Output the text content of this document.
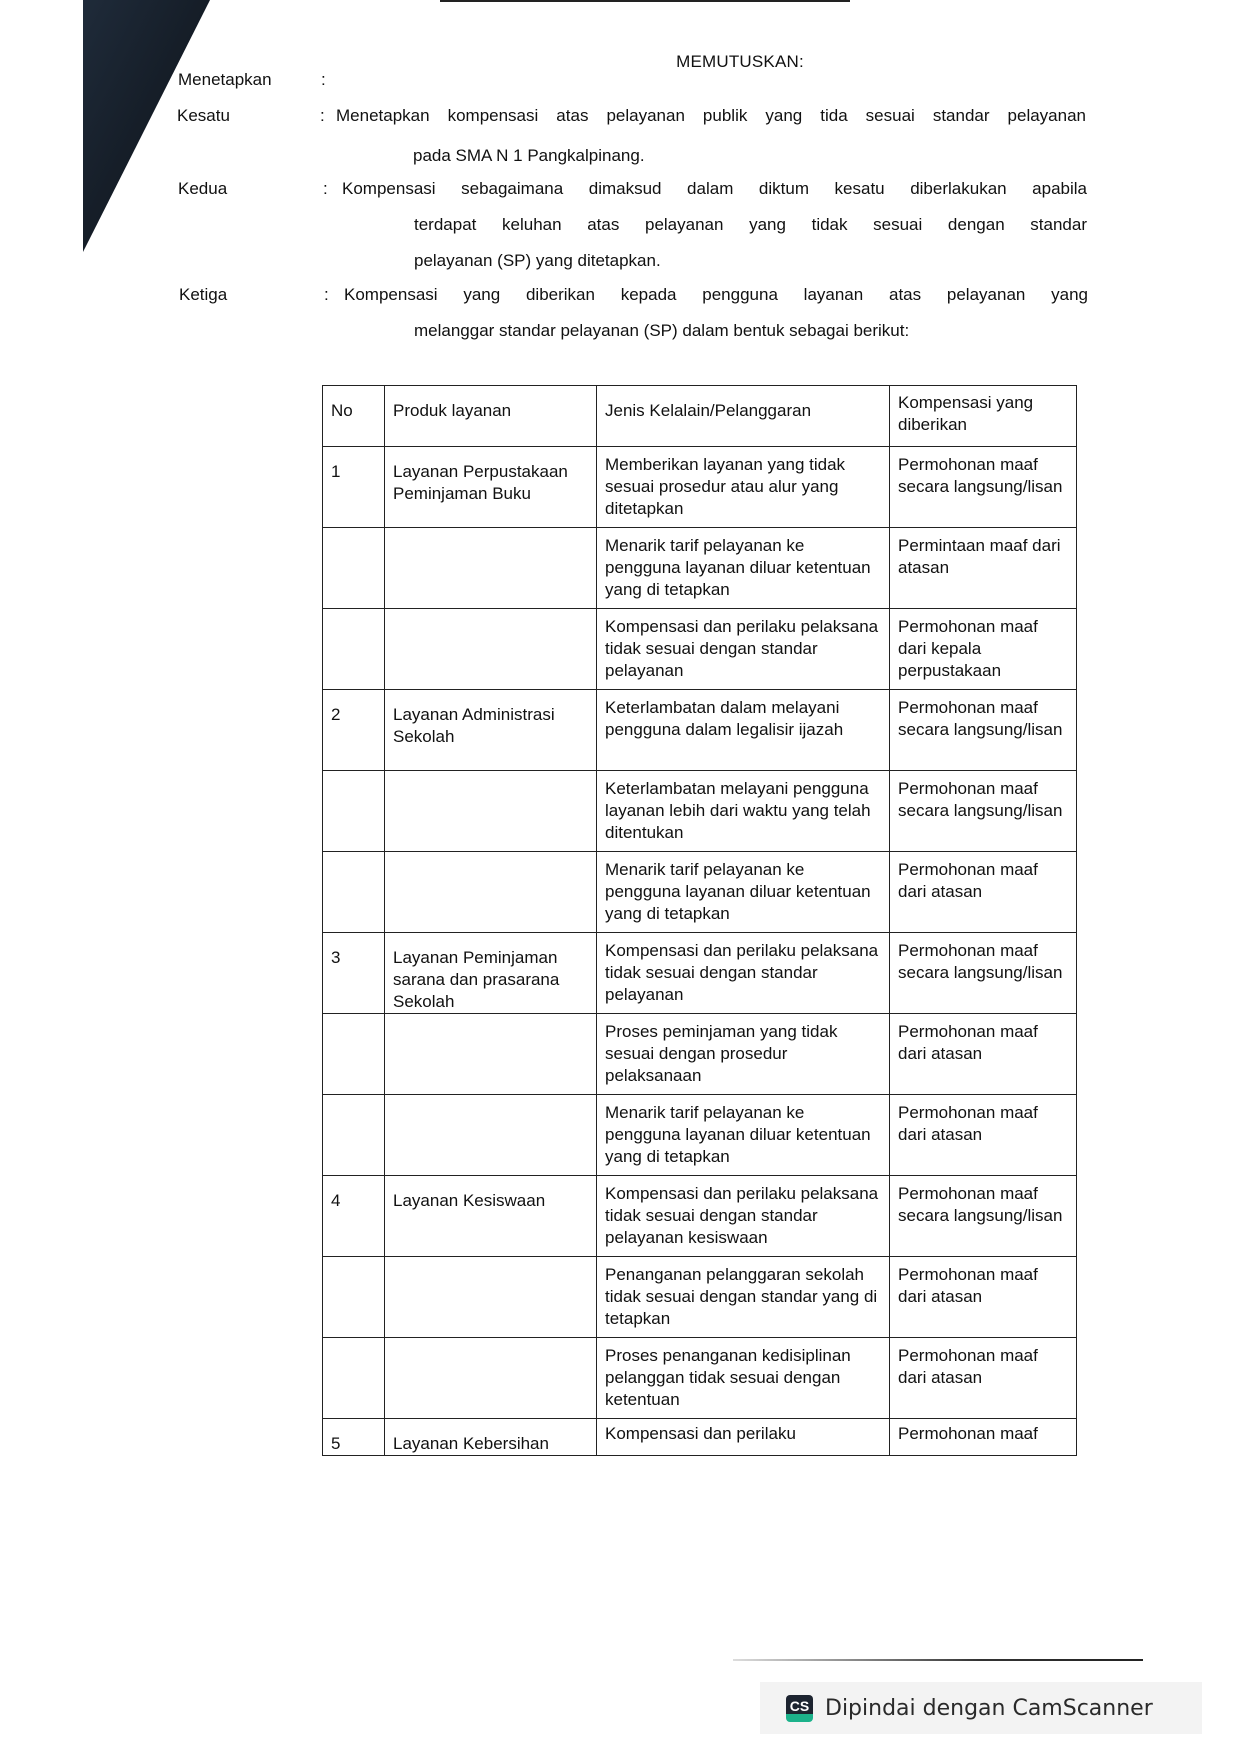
MEMUTUSKAN:
Menetapkan	:
Kesatu	: Menetapkan kompensasi atas pelayanan publik yang tida sesuai standar pelayanan
pada SMA N 1 Pangkalpinang.
Kedua	: Kompensasi sebagaimana dimaksud dalam diktum kesatu diberlakukan apabila
terdapat keluhan atas pelayanan yang tidak sesuai dengan standar
pelayanan (SP) yang ditetapkan.
Ketiga	: Kompensasi yang diberikan kepada pengguna layanan atas pelayanan yang
melanggar standar pelayanan (SP) dalam bentuk sebagai berikut:
No	Produk layanan	Jenis Kelalain/Pelanggaran	Kompensasi yang diberikan
1	Layanan Perpustakaan Peminjaman Buku	Memberikan layanan yang tidak sesuai prosedur atau alur yang ditetapkan	Permohonan maaf secara langsung/lisan
		Menarik tarif pelayanan ke pengguna layanan diluar ketentuan yang di tetapkan	Permintaan maaf dari atasan
		Kompensasi dan perilaku pelaksana tidak sesuai dengan standar pelayanan	Permohonan maaf dari kepala perpustakaan
2	Layanan Administrasi Sekolah	Keterlambatan dalam melayani pengguna dalam legalisir ijazah	Permohonan maaf secara langsung/lisan
		Keterlambatan melayani pengguna layanan lebih dari waktu yang telah ditentukan	Permohonan maaf secara langsung/lisan
		Menarik tarif pelayanan ke pengguna layanan diluar ketentuan yang di tetapkan	Permohonan maaf dari atasan
3	Layanan Peminjaman sarana dan prasarana Sekolah	Kompensasi dan perilaku pelaksana tidak sesuai dengan standar pelayanan	Permohonan maaf secara langsung/lisan
		Proses peminjaman yang tidak sesuai dengan prosedur pelaksanaan	Permohonan maaf dari atasan
		Menarik tarif pelayanan ke pengguna layanan diluar ketentuan yang di tetapkan	Permohonan maaf dari atasan
4	Layanan Kesiswaan	Kompensasi dan perilaku pelaksana tidak sesuai dengan standar pelayanan kesiswaan	Permohonan maaf secara langsung/lisan
		Penanganan pelanggaran sekolah tidak sesuai dengan standar yang di tetapkan	Permohonan maaf dari atasan
		Proses penanganan kedisiplinan pelanggan tidak sesuai dengan ketentuan	Permohonan maaf dari atasan
5	Layanan Kebersihan	Kompensasi dan perilaku	Permohonan maaf
CS Dipindai dengan CamScanner
